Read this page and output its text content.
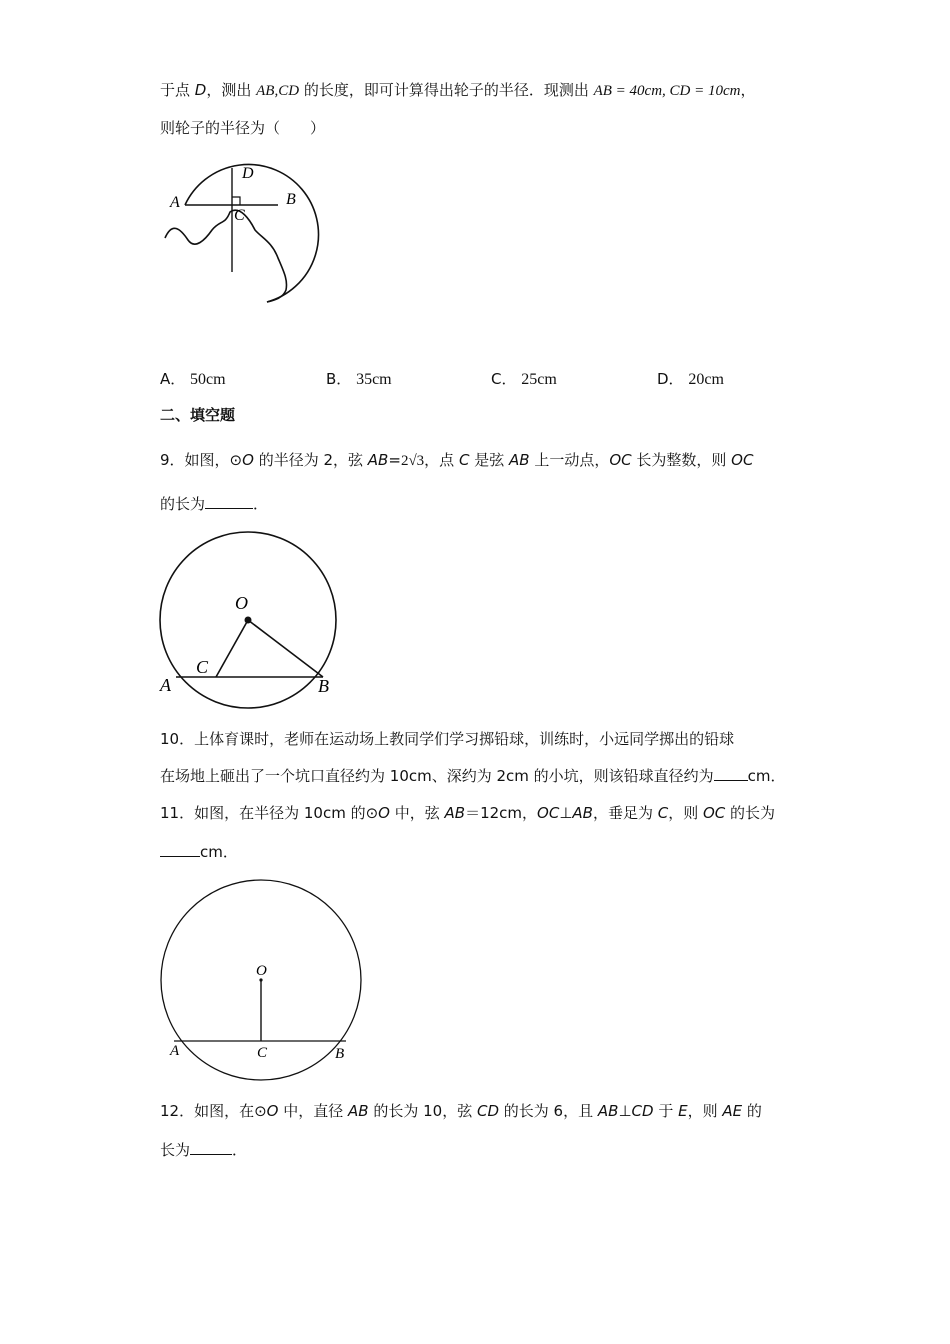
于点 D，测出 AB,CD 的长度，即可计算得出轮子的半径．现测出 AB = 40cm, CD = 10cm，
则轮子的半径为（　　）
A	B
C
D
A． 50cm	B． 35cm	C． 25cm	D． 20cm
二、填空题
9．如图，⊙O 的半径为 2，弦 AB=2√3，点 C 是弦 AB 上一动点，OC 长为整数，则 OC
的长为	．
O
C
A	B
10．上体育课时，老师在运动场上教同学们学习掷铅球，训练时，小远同学掷出的铅球
在场地上砸出了一个坑口直径约为 10cm、深约为 2cm 的小坑，则该铅球直径约为 cm．
11．如图，在半径为 10cm 的⊙O 中，弦 AB＝12cm，OC⊥AB，垂足为 C，则 OC 的长为
cm．
O
A	C	B
12．如图，在⊙O 中，直径 AB 的长为 10，弦 CD 的长为 6，且 AB⊥CD 于 E，则 AE 的
长为	．
